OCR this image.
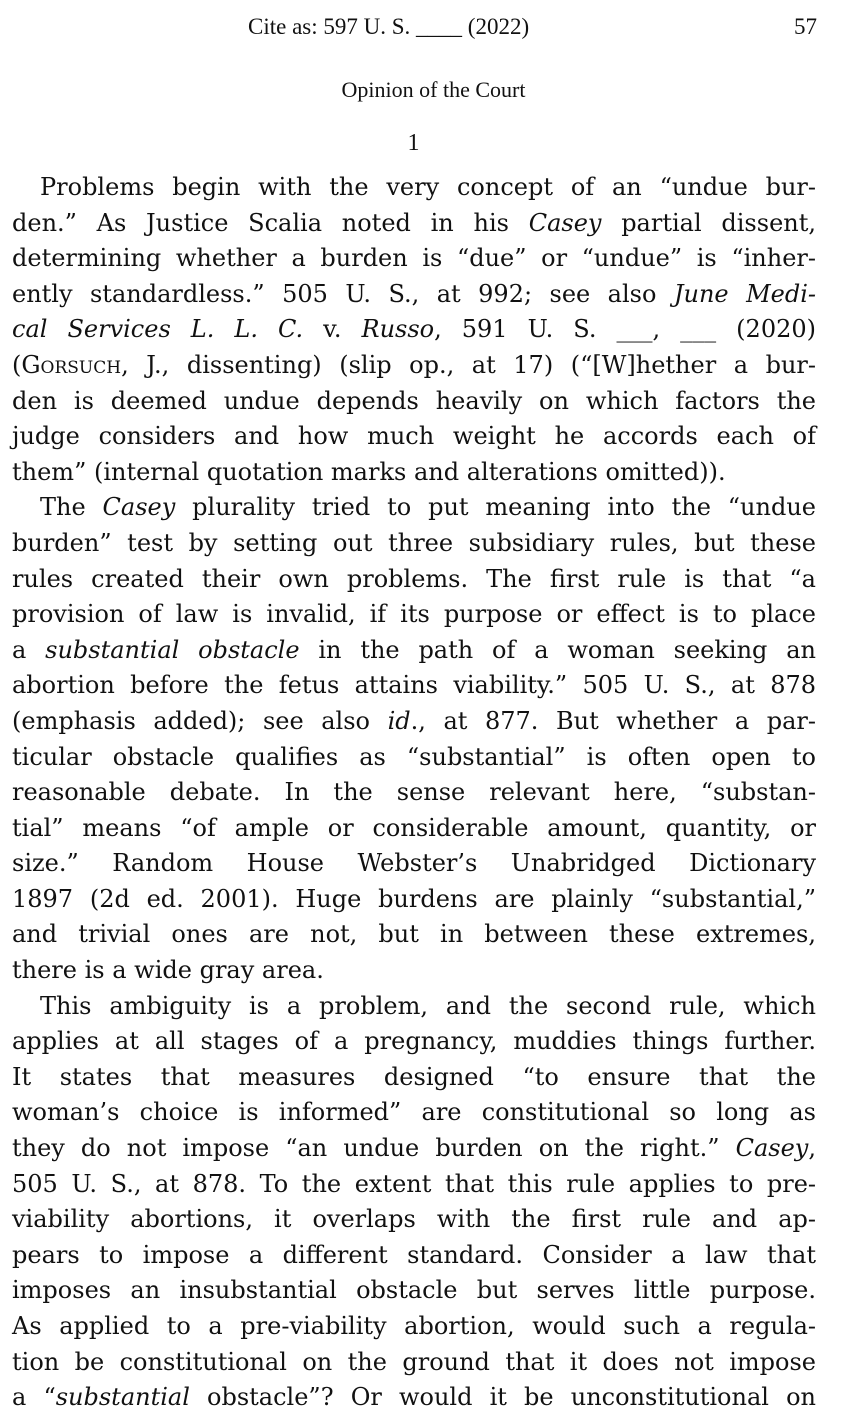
Cite as: 597 U. S. ____ (2022)	57
Opinion of the Court
1
Problems begin with the very concept of an “undue bur-
den.” As Justice Scalia noted in his Casey partial dissent,
determining whether a burden is “due” or “undue” is “inher-
ently standardless.” 505 U. S., at 992; see also June Medi-
cal Services L. L. C. v. Russo, 591 U. S. ___, ___ (2020)
(Gorsuch, J., dissenting) (slip op., at 17) (“[W]hether a bur-
den is deemed undue depends heavily on which factors the
judge considers and how much weight he accords each of
them” (internal quotation marks and alterations omitted)).
The Casey plurality tried to put meaning into the “undue
burden” test by setting out three subsidiary rules, but these
rules created their own problems. The first rule is that “a
provision of law is invalid, if its purpose or effect is to place
a substantial obstacle in the path of a woman seeking an
abortion before the fetus attains viability.” 505 U. S., at 878
(emphasis added); see also id., at 877. But whether a par-
ticular obstacle qualifies as “substantial” is often open to
reasonable debate. In the sense relevant here, “substan-
tial” means “of ample or considerable amount, quantity, or
size.” Random House Webster’s Unabridged Dictionary
1897 (2d ed. 2001). Huge burdens are plainly “substantial,”
and trivial ones are not, but in between these extremes,
there is a wide gray area.
This ambiguity is a problem, and the second rule, which
applies at all stages of a pregnancy, muddies things further.
It states that measures designed “to ensure that the
woman’s choice is informed” are constitutional so long as
they do not impose “an undue burden on the right.” Casey,
505 U. S., at 878. To the extent that this rule applies to pre-
viability abortions, it overlaps with the first rule and ap-
pears to impose a different standard. Consider a law that
imposes an insubstantial obstacle but serves little purpose.
As applied to a pre-viability abortion, would such a regula-
tion be constitutional on the ground that it does not impose
a “substantial obstacle”? Or would it be unconstitutional on
